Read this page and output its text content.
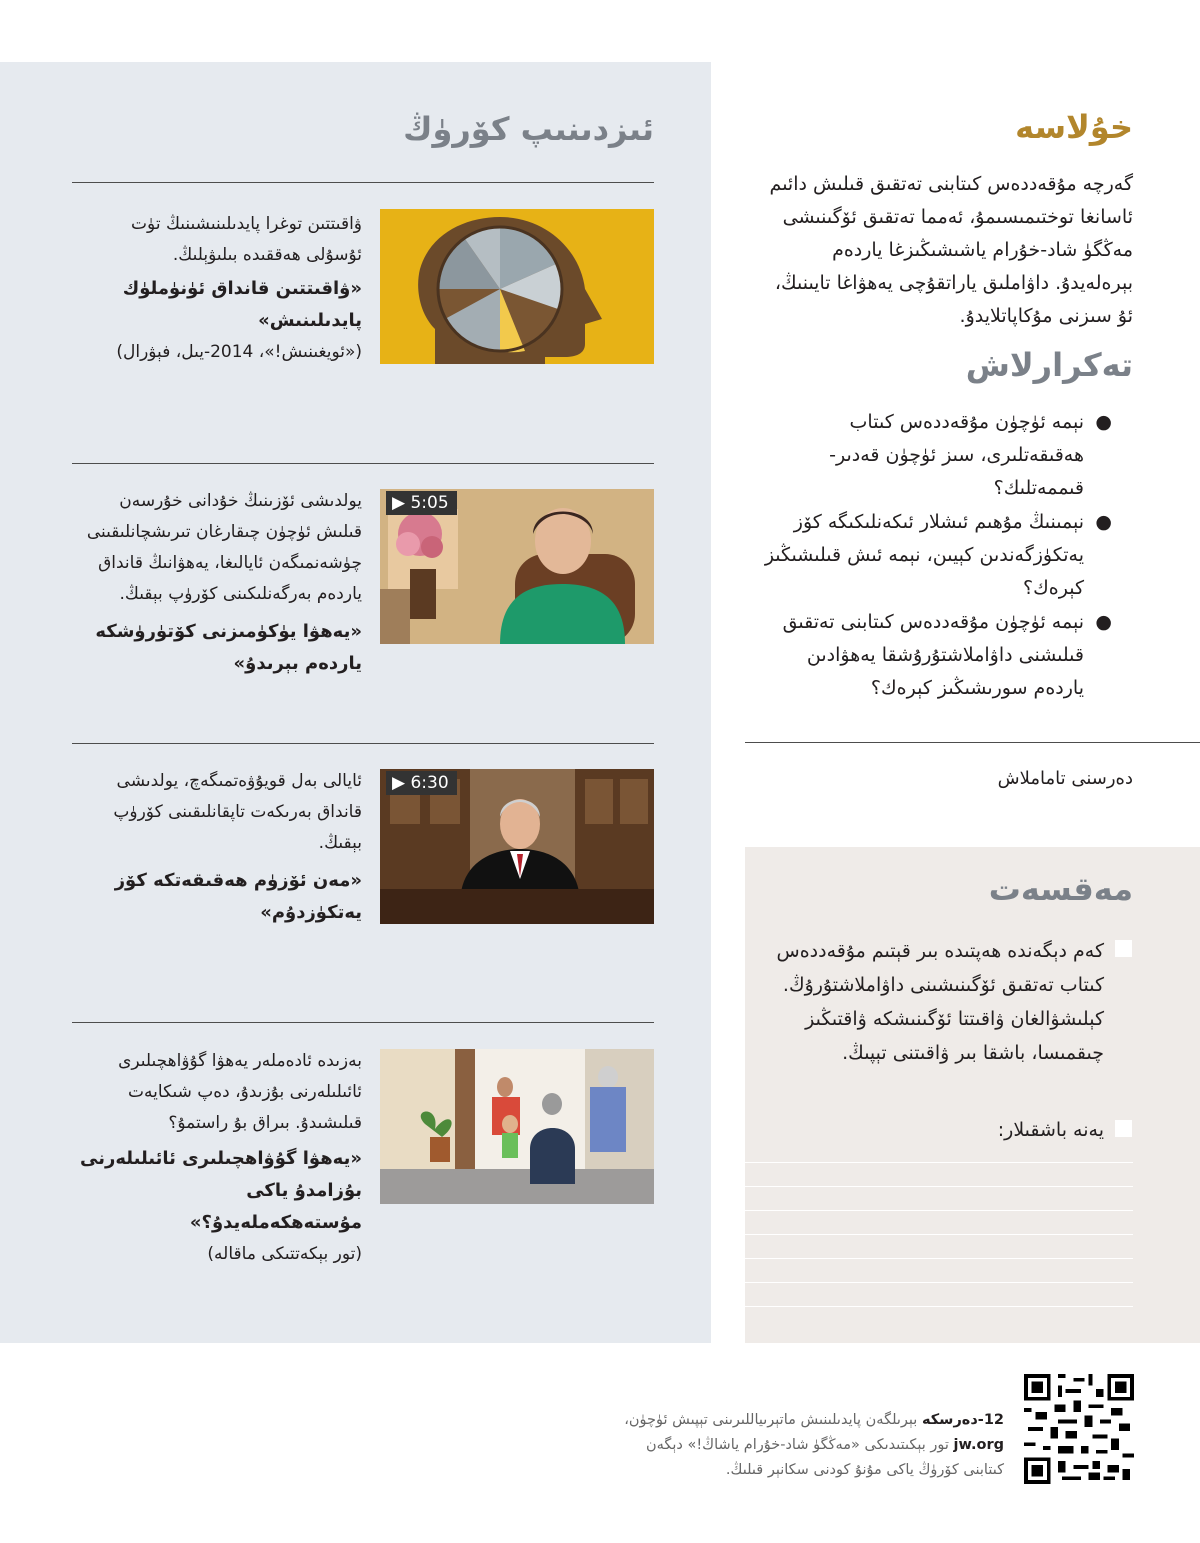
ئىزدىنىپ كۆرۈڭ
ۋاقىتتىن توغرا پايدىلىنىشىنىڭ تۈت ئۇسۇلى ھەققىدە بىلىۋېلىڭ.
«ۋاقىتتىن قانداق ئۈنۈملۈك پايدىلىنىش»
(«ئويغىنىش!»، 2014-يىل، فېۋرال)
▶ 5:05
يولدىشى ئۆزىنىڭ خۇدانى خۇرسەن قىلىش ئۈچۈن چىقارغان تىرىشچانلىقىنى چۈشەنمىگەن ئايالىغا، يەھۋانىڭ قانداق ياردەم بەرگەنلىكىنى كۆرۈپ بېقىڭ.
«يەھۋا يۈكۈمىزنى كۆتۈرۈشكە ياردەم بېرىدۇ»
▶ 6:30
ئايالى بەل قويۇۋەتمىگەچ، يولدىشى قانداق بەرىكەت تاپقانلىقىنى كۆرۈپ بېقىڭ.
«مەن ئۆزۈم ھەقىقەتكە كۆز يەتكۈزدۇم»
بەزىدە ئادەملەر يەھۋا گۇۋاھچىلىرى ئائىلىلەرنى بۇزىدۇ، دەپ شىكايەت قىلىشىدۇ. بىراق بۇ راستمۇ؟
«يەھۋا گۇۋاھچىلىرى ئائىلىلەرنى بۇزامدۇ ياكى مۇستەھكەملەيدۇ؟»
(تور بېكەتتىكى ماقالە)
خۇلاسە
گەرچە مۇقەددەس كىتابنى تەتقىق قىلىش دائىم ئاسانغا توختىمىسىمۇ، ئەمما تەتقىق ئۆگىنىشى مەڭگۈ شاد-خۇرام ياشىشىڭىزغا ياردەم بېرەلەيدۇ. داۋاملىق ياراتقۇچى يەھۋاغا تايىنىڭ، ئۇ سىزنى مۇكاپاتلايدۇ.
تەكرارلاش
●
نېمە ئۈچۈن مۇقەددەس كىتاب ھەقىقەتلىرى، سىز ئۈچۈن قەدىر-قىممەتلىك؟
●
نېمىنىڭ مۇھىم ئىشلار ئىكەنلىكىگە كۆز يەتكۈزگەندىن كېيىن، نېمە ئىش قىلىشىڭىز كېرەك؟
●
نېمە ئۈچۈن مۇقەددەس كىتابنى تەتقىق قىلىشنى داۋاملاشتۇرۇشقا يەھۋادىن ياردەم سورىشىڭىز كېرەك؟
دەرسنى تاماملاش
مەقسەت
كەم دېگەندە ھەپتىدە بىر قېتىم مۇقەددەس كىتاب تەتقىق ئۆگىنىشىنى داۋاملاشتۇرۇڭ. كېلىشۋالغان ۋاقىتتا ئۆگىنىشكە ۋاقتىڭىز چىقمىسا، باشقا بىر ۋاقىتنى تېپىڭ.
يەنە باشقىلار:
12-دەرسكە بېرىلگەن پايدىلىنىش ماتېرىياللىرىنى تېپىش ئۈچۈن،
jw.org تور بېكىتىدىكى «مەڭگۈ شاد-خۇرام ياشاڭ!» دېگەن
كىتابنى كۆرۈڭ ياكى مۇنۇ كودنى سكانېر قىلىڭ.
